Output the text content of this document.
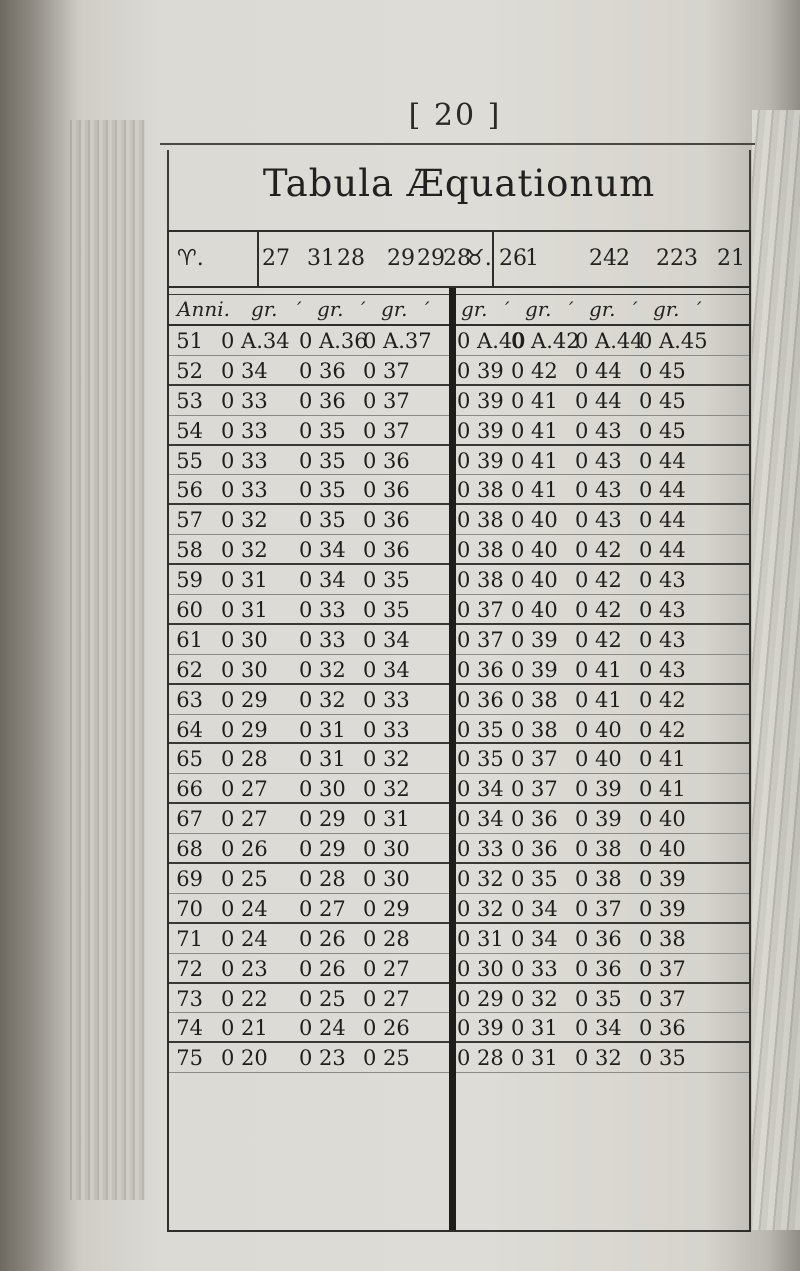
[ 20 ]
Tabula Æquationum
♈︎.	27 31 28 29 29
28
♉︎. 26
1 24 2 22 3 21
Anni. gr. ′ gr. ′ gr. ′ gr. ′ gr. ′ gr. ′ gr. ′
51 0 A.34 0 A.36
0 A.37 0 A.40
0 A.42
0 A.44
0 A.45
52 0 34 0 36 0 37 0 39 0 42 0 44 0 45
53 0 33 0 36 0 37 0 39 0 41 0 44 0 45
54 0 33 0 35 0 37 0 39 0 41 0 43 0 45
55 0 33 0 35 0 36 0 39 0 41 0 43 0 44
56 0 33 0 35 0 36 0 38 0 41 0 43 0 44
57 0 32 0 35 0 36 0 38 0 40 0 43 0 44
58 0 32 0 34 0 36 0 38 0 40 0 42 0 44
59 0 31 0 34 0 35 0 38 0 40 0 42 0 43
60 0 31 0 33 0 35 0 37 0 40 0 42 0 43
61 0 30 0 33 0 34 0 37 0 39 0 42 0 43
62 0 30 0 32 0 34 0 36 0 39 0 41 0 43
63 0 29 0 32 0 33 0 36 0 38 0 41 0 42
64 0 29 0 31 0 33 0 35 0 38 0 40 0 42
65 0 28 0 31 0 32 0 35 0 37 0 40 0 41
66 0 27 0 30 0 32 0 34 0 37 0 39 0 41
67 0 27 0 29 0 31 0 34 0 36 0 39 0 40
68 0 26 0 29 0 30 0 33 0 36 0 38 0 40
69 0 25 0 28 0 30 0 32 0 35 0 38 0 39
70 0 24 0 27 0 29 0 32 0 34 0 37 0 39
71 0 24 0 26 0 28 0 31 0 34 0 36 0 38
72 0 23 0 26 0 27 0 30 0 33 0 36 0 37
73 0 22 0 25 0 27 0 29 0 32 0 35 0 37
74 0 21 0 24 0 26 0 39 0 31 0 34 0 36
75 0 20 0 23 0 25 0 28 0 31 0 32 0 35
